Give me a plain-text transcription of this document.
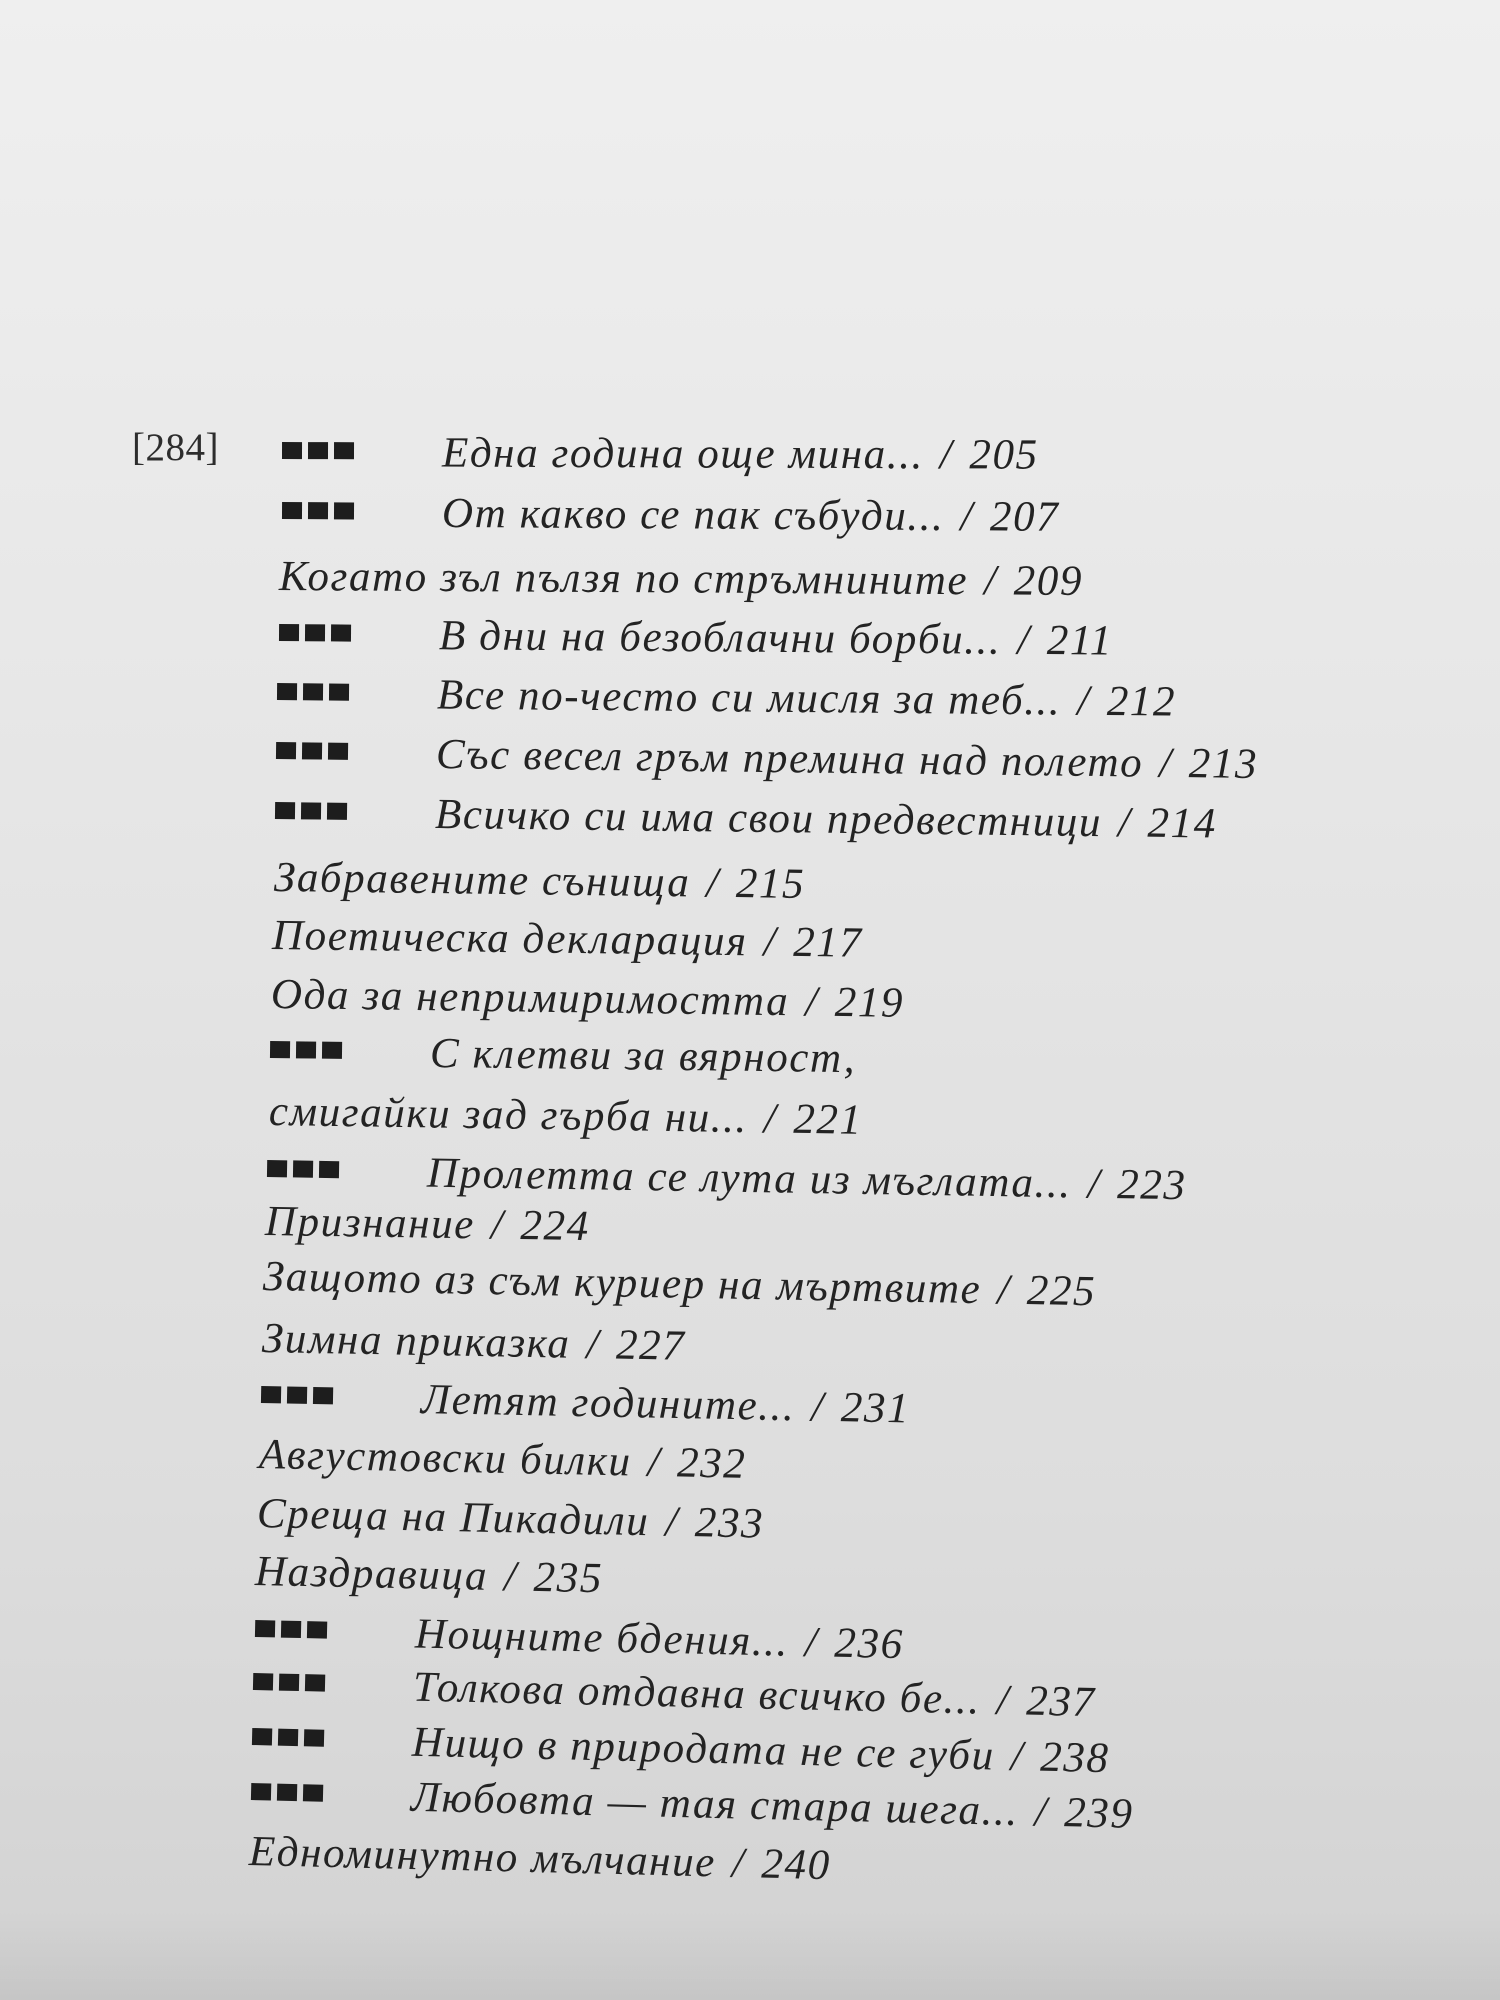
[284]	Една година още мина... / 205
От какво се пак събуди... / 207
Когато зъл пълзя по стръмнините / 209
В дни на безоблачни борби... / 211
Все по-често си мисля за теб... / 212
Със весел гръм премина над полето / 213
Всичко си има свои предвестници / 214
Забравените сънища / 215
Поетическа декларация / 217
Ода за непримиримостта / 219
С клетви за вярност,
смигайки зад гърба ни... / 221
Пролетта се лута из мъглата... / 223
Признание / 224
Защото аз съм куриер на мъртвите / 225
Зимна приказка / 227
Летят годините... / 231
Августовски билки / 232
Среща на Пикадили / 233
Наздравица / 235
Нощните бдения... / 236
Толкова отдавна всичко бе... / 237
Нищо в природата не се губи / 238
Любовта — тая стара шега... / 239
Едноминутно мълчание / 240
